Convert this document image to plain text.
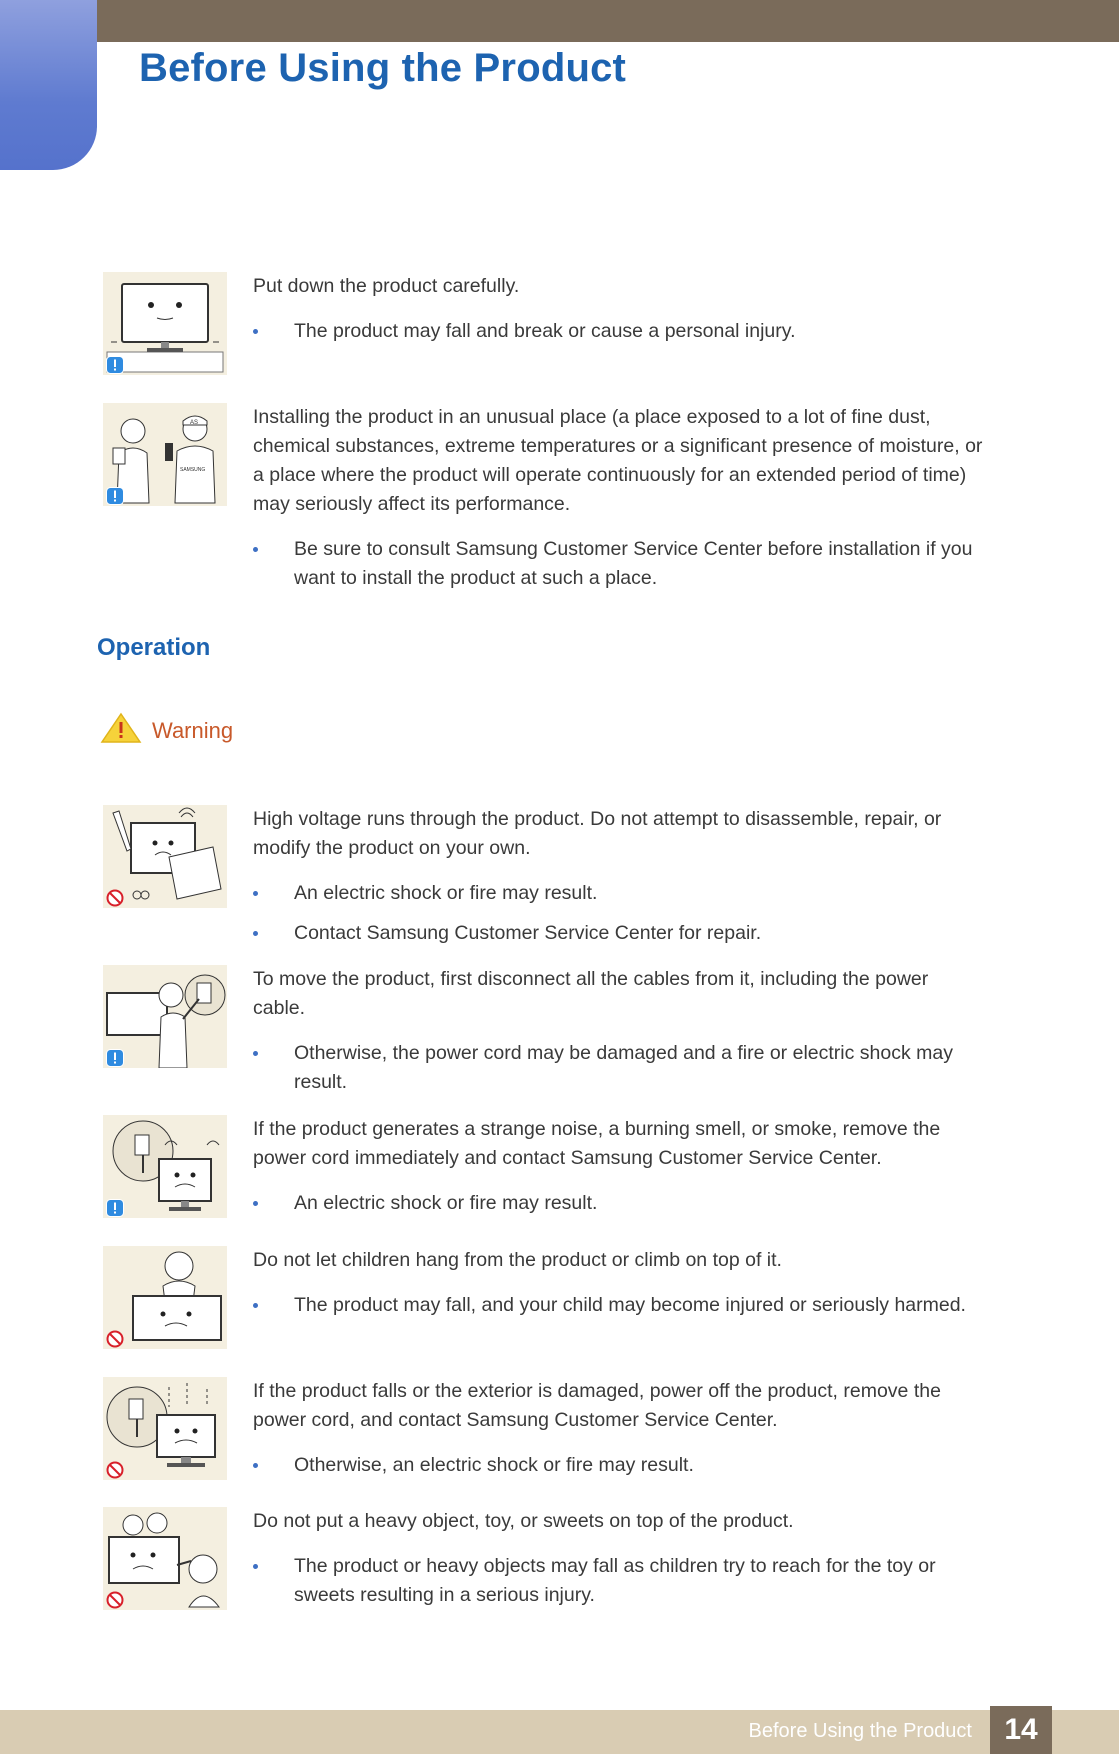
Before Using the Product

Put down the product carefully.

The product may fall and break or cause a personal injury.
AS
SAMSUNG

Installing the product in an unusual place (a place exposed to a lot of fine dust, chemical substances, extreme temperatures or a significant presence of moisture, or a place where the product will operate continuously for an extended period of time) may seriously affect its performance.

Be sure to consult Samsung Customer Service Center before installation if you want to install the product at such a place.
Operation
Warning

High voltage runs through the product. Do not attempt to disassemble, repair, or modify the product on your own.

An electric shock or fire may result.
Contact Samsung Customer Service Center for repair.

To move the product, first disconnect all the cables from it, including the power cable.

Otherwise, the power cord may be damaged and a fire or electric shock may result.

If the product generates a strange noise, a burning smell, or smoke, remove the power cord immediately and contact Samsung Customer Service Center.

An electric shock or fire may result.

Do not let children hang from the product or climb on top of it.

The product may fall, and your child may become injured or seriously harmed.

If the product falls or the exterior is damaged, power off the product, remove the power cord, and contact Samsung Customer Service Center.

Otherwise, an electric shock or fire may result.

Do not put a heavy object, toy, or sweets on top of the product.

The product or heavy objects may fall as children try to reach for the toy or sweets resulting in a serious injury.
Before Using the Product	14
